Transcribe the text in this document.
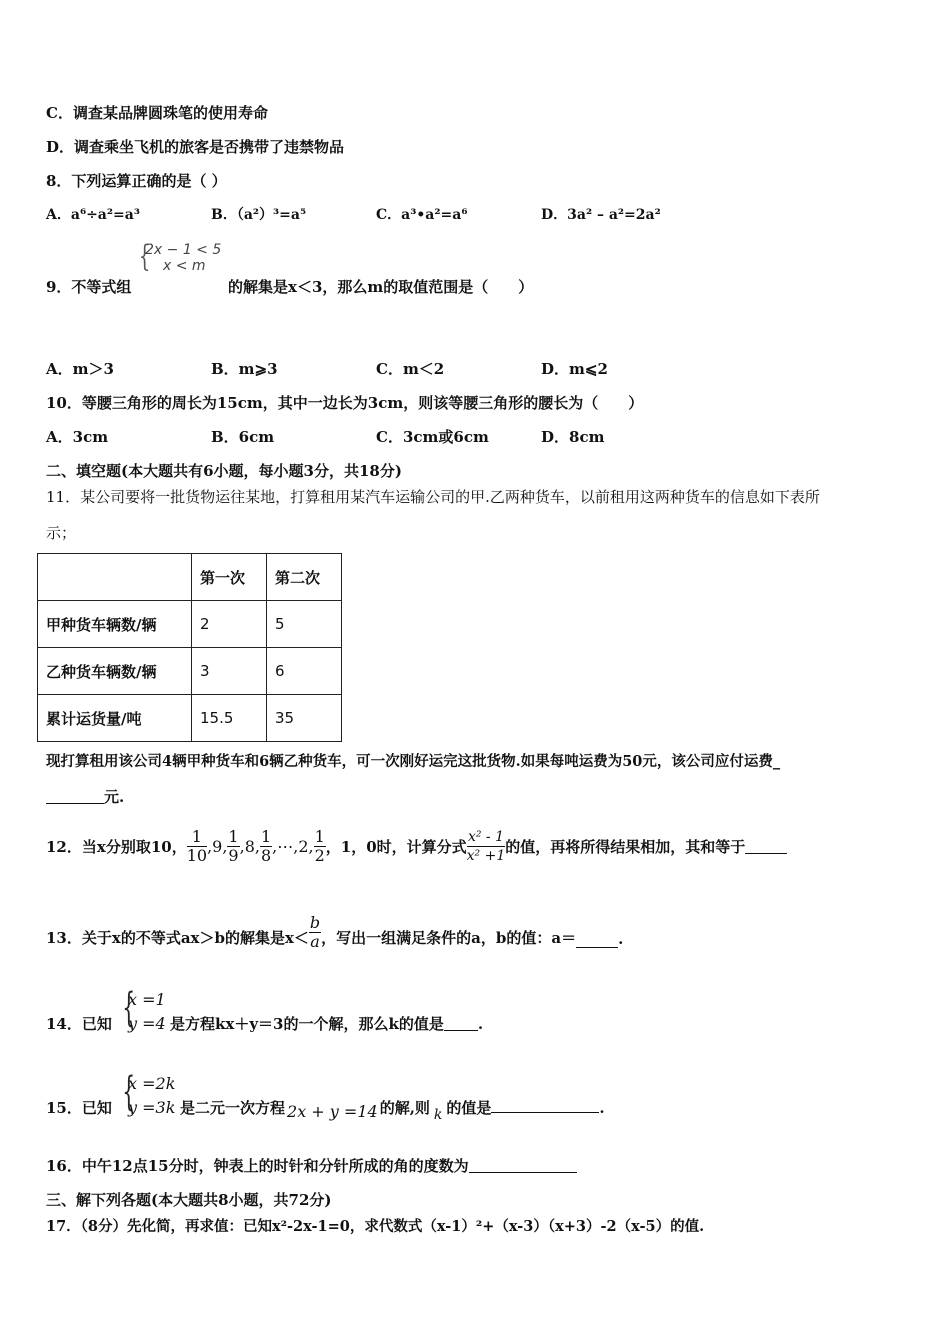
C．调查某品牌圆珠笔的使用寿命
D．调查乘坐飞机的旅客是否携带了违禁物品
8．下列运算正确的是（ ）
A．a⁶÷a²=a³	B．（a²）³=a⁵	C．a³•a²=a⁶	D．3a² – a²=2a²
9．不等式组
{
2x − 1 < 5
x < m
的解集是x＜3，那么m的取值范围是（　　）
A．m＞3	B．m⩾3	C．m＜2	D．m⩽2
10．等腰三角形的周长为15cm，其中一边长为3cm，则该等腰三角形的腰长为（　　）
A．3cm	B．6cm	C．3cm或6cm	D．8cm
二、填空题(本大题共有6小题，每小题3分，共18分)
11．某公司要将一批货物运往某地，打算租用某汽车运输公司的甲.乙两种货车，以前租用这两种货车的信息如下表所
示；
	第一次	第二次
甲种货车辆数/辆	2	5
乙种货车辆数/辆	3	6
累计运货量/吨	15.5	35
现打算租用该公司4辆甲种货车和6辆乙种货车，可一次刚好运完这批货物.如果每吨运费为50元，该公司应付运费_
元.
12．当x分别取10， $\frac{1}{10} ,9$, $\frac{1}{9} ,8$, $\frac{1}{8}$ ,⋯,2, $\frac{1}{2}$ ，1，0时，计算分式 $\frac{\text{x² - 1}}{\text{x² +1}}$ 的值，再将所得结果相加，其和等于
13．关于x的不等式ax＞b的解集是$x< \frac{b}{a}$ ，写出一组满足条件的a，b的值：a＝	.
14．已知 {
x =1
y =4 是方程kx＋y＝3的一个解，那么k的值是 .
15．已知 {
x =2k
y =3k 是二元一次方程 2x + y =14 的解,则 k 的值是	.
16．中午12点15分时，钟表上的时针和分针所成的角的度数为
三、解下列各题(本大题共8小题，共72分)
17．（8分）先化简，再求值：已知x²-2x-1=0，求代数式（x-1）²+（x-3）（x+3）-2（x-5）的值.
